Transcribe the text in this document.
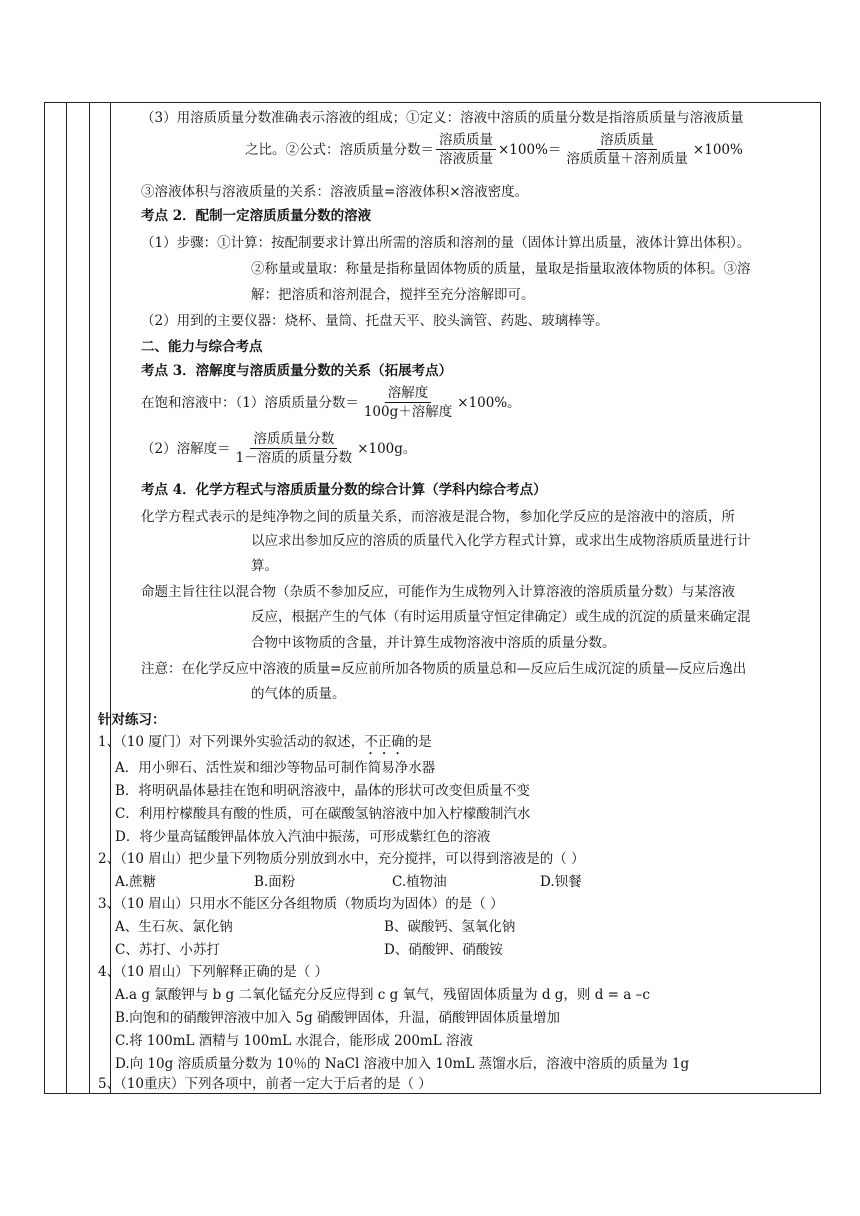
（3）用溶质质量分数准确表示溶液的组成；①定义：溶液中溶质的质量分数是指溶质质量与溶液质量
之比。②公式： 溶质质量分数＝ $\frac{\text{溶质质量}}{\text{溶液质量}} \times 100\%= \frac{\text{溶质质量}}{\text{溶质质量＋溶剂质量}} \times 100\%$
③溶液体积与溶液质量的关系：溶液质量=溶液体积×溶液密度。
考点 2．配制一定溶质质量分数的溶液
（1）步骤：①计算：按配制要求计算出所需的溶质和溶剂的量（固体计算出质量，液体计算出体积）。
②称量或量取：称量是指称量固体物质的质量，量取是指量取液体物质的体积。③溶
解：把溶质和溶剂混合，搅拌至充分溶解即可。
（2）用到的主要仪器：烧杯、量筒、托盘天平、胶头滴管、药匙、玻璃棒等。
二、能力与综合考点
考点 3．溶解度与溶质质量分数的关系（拓展考点）
在饱和溶液中：（1） 溶质质量分数＝ $\frac{\text{溶解度}}{\text{100g＋溶解度}} \times 100\%$。
（2） 溶解度＝ $\frac{\text{溶质质量分数}}{\text{1－溶质的质量分数}} \times 100g$。
考点 4．化学方程式与溶质质量分数的综合计算（学科内综合考点）
化学方程式表示的是纯净物之间的质量关系，而溶液是混合物，参加化学反应的是溶液中的溶质，所
以应求出参加反应的溶质的质量代入化学方程式计算，或求出生成物溶质质量进行计
算。
命题主旨往往以混合物（杂质不参加反应，可能作为生成物列入计算溶液的溶质质量分数）与某溶液
反应，根据产生的气体（有时运用质量守恒定律确定）或生成的沉淀的质量来确定混
合物中该物质的含量，并计算生成物溶液中溶质的质量分数。
注意：在化学反应中溶液的质量=反应前所加各物质的质量总和—反应后生成沉淀的质量—反应后逸出
的气体的质量。
针对练习：
1、（10 厦门）对下列课外实验活动的叙述，不正确的是
A．用小卵石、活性炭和细沙等物品可制作简易净水器
B．将明矾晶体悬挂在饱和明矾溶液中，晶体的形状可改变但质量不变
C．利用柠檬酸具有酸的性质，可在碳酸氢钠溶液中加入柠檬酸制汽水
D．将少量高锰酸钾晶体放入汽油中振荡，可形成紫红色的溶液
2、（10 眉山）把少量下列物质分别放到水中，充分搅拌，可以得到溶液是的（ ）
A.蔗糖	B.面粉	C.植物油	D.钡餐
3、（10 眉山）只用水不能区分各组物质（物质均为固体）的是（ ）
A、生石灰、氯化钠	B、碳酸钙、氢氧化钠
C、苏打、小苏打	D、硝酸钾、硝酸铵
4、（10 眉山）下列解释正确的是（ ）
A.a g 氯酸钾与 b g 二氧化锰充分反应得到 c g 氧气，残留固体质量为 d g，则 d = a –c
B.向饱和的硝酸钾溶液中加入 5g 硝酸钾固体，升温，硝酸钾固体质量增加
C.将 100mL 酒精与 100mL 水混合，能形成 200mL 溶液
D.向 10g 溶质质量分数为 10％的 NaCl 溶液中加入 10mL 蒸馏水后，溶液中溶质的质量为 1g
5、（10重庆）下列各项中，前者一定大于后者的是（ ）
